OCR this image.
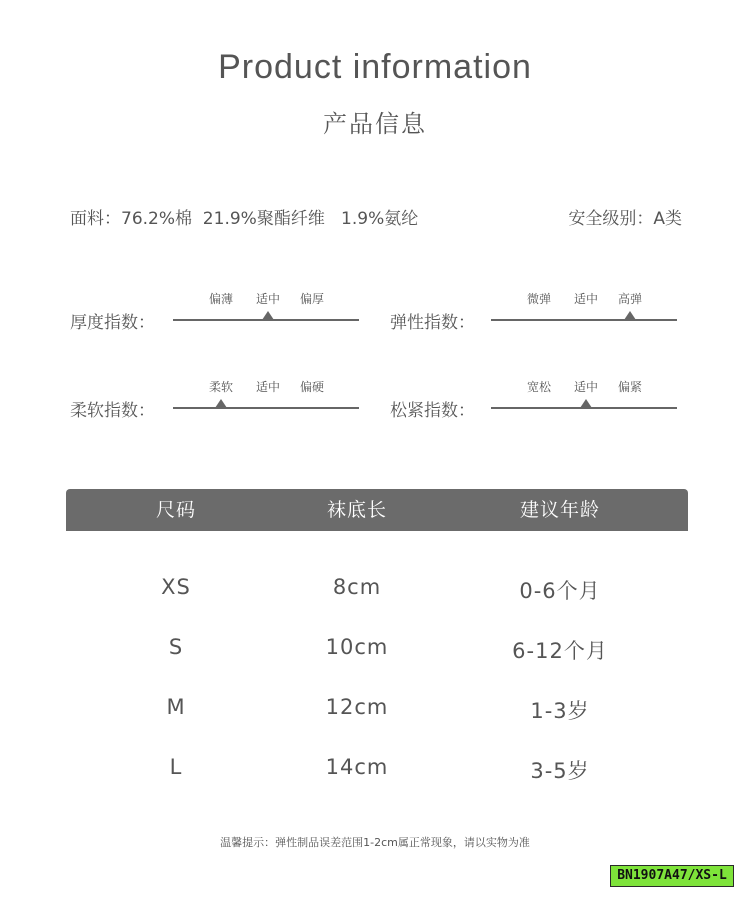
Product information
产品信息
面料：76.2%棉  21.9%聚酯纤维   1.9%氨纶	安全级别：A类
厚度指数：
偏薄	适中	偏厚
弹性指数：
微弹	适中	高弹
柔软指数：
柔软	适中	偏硬
松紧指数：
宽松	适中	偏紧
尺码	袜底长	建议年龄
XS	8cm	0-6个月
S	10cm	6-12个月
M	12cm	1-3岁
L	14cm	3-5岁
温馨提示：弹性制品误差范围1-2cm属正常现象，请以实物为准
BN1907A47/XS-L
